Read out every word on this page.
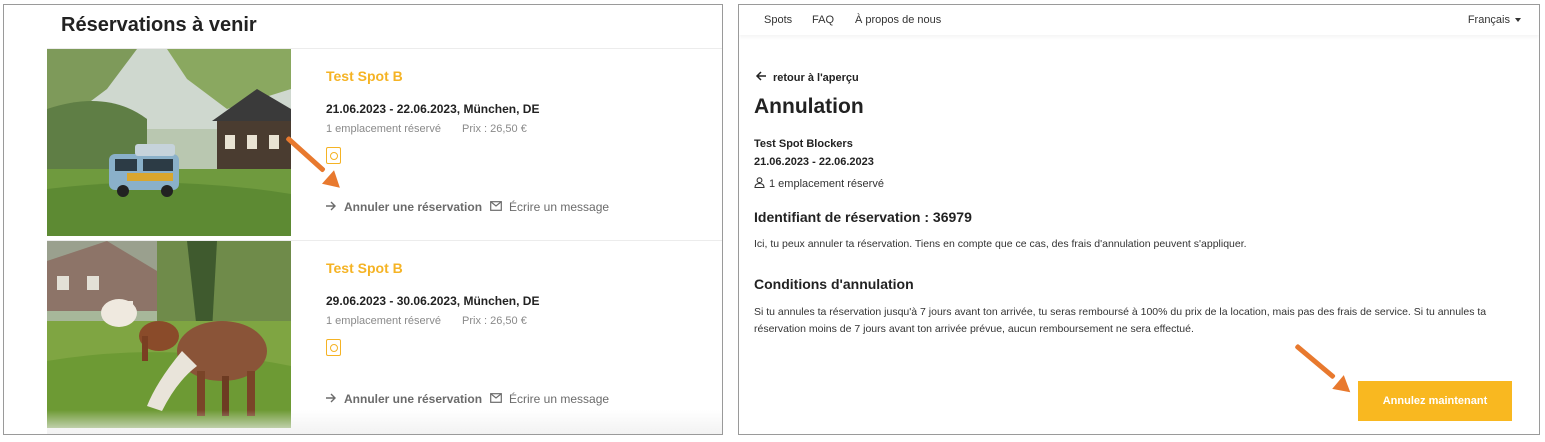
Réservations à venir
Test Spot B
21.06.2023 - 22.06.2023, München, DE
1 emplacement réservé Prix : 26,50 €
Annuler une réservation Écrire un message
Test Spot B
29.06.2023 - 30.06.2023, München, DE
1 emplacement réservé Prix : 26,50 €
Annuler une réservation Écrire un message
Spots FAQ À propos de nous	Français
retour à l'aperçu
Annulation
Test Spot Blockers
21.06.2023 - 22.06.2023
1 emplacement réservé
Identifiant de réservation : 36979
Ici, tu peux annuler ta réservation. Tiens en compte que ce cas, des frais d'annulation peuvent s'appliquer.
Conditions d'annulation
Si tu annules ta réservation jusqu'à 7 jours avant ton arrivée, tu seras remboursé à 100% du prix de la location, mais pas des frais de service. Si tu annules ta réservation moins de 7 jours avant ton arrivée prévue, aucun remboursement ne sera effectué.
Annulez maintenant
